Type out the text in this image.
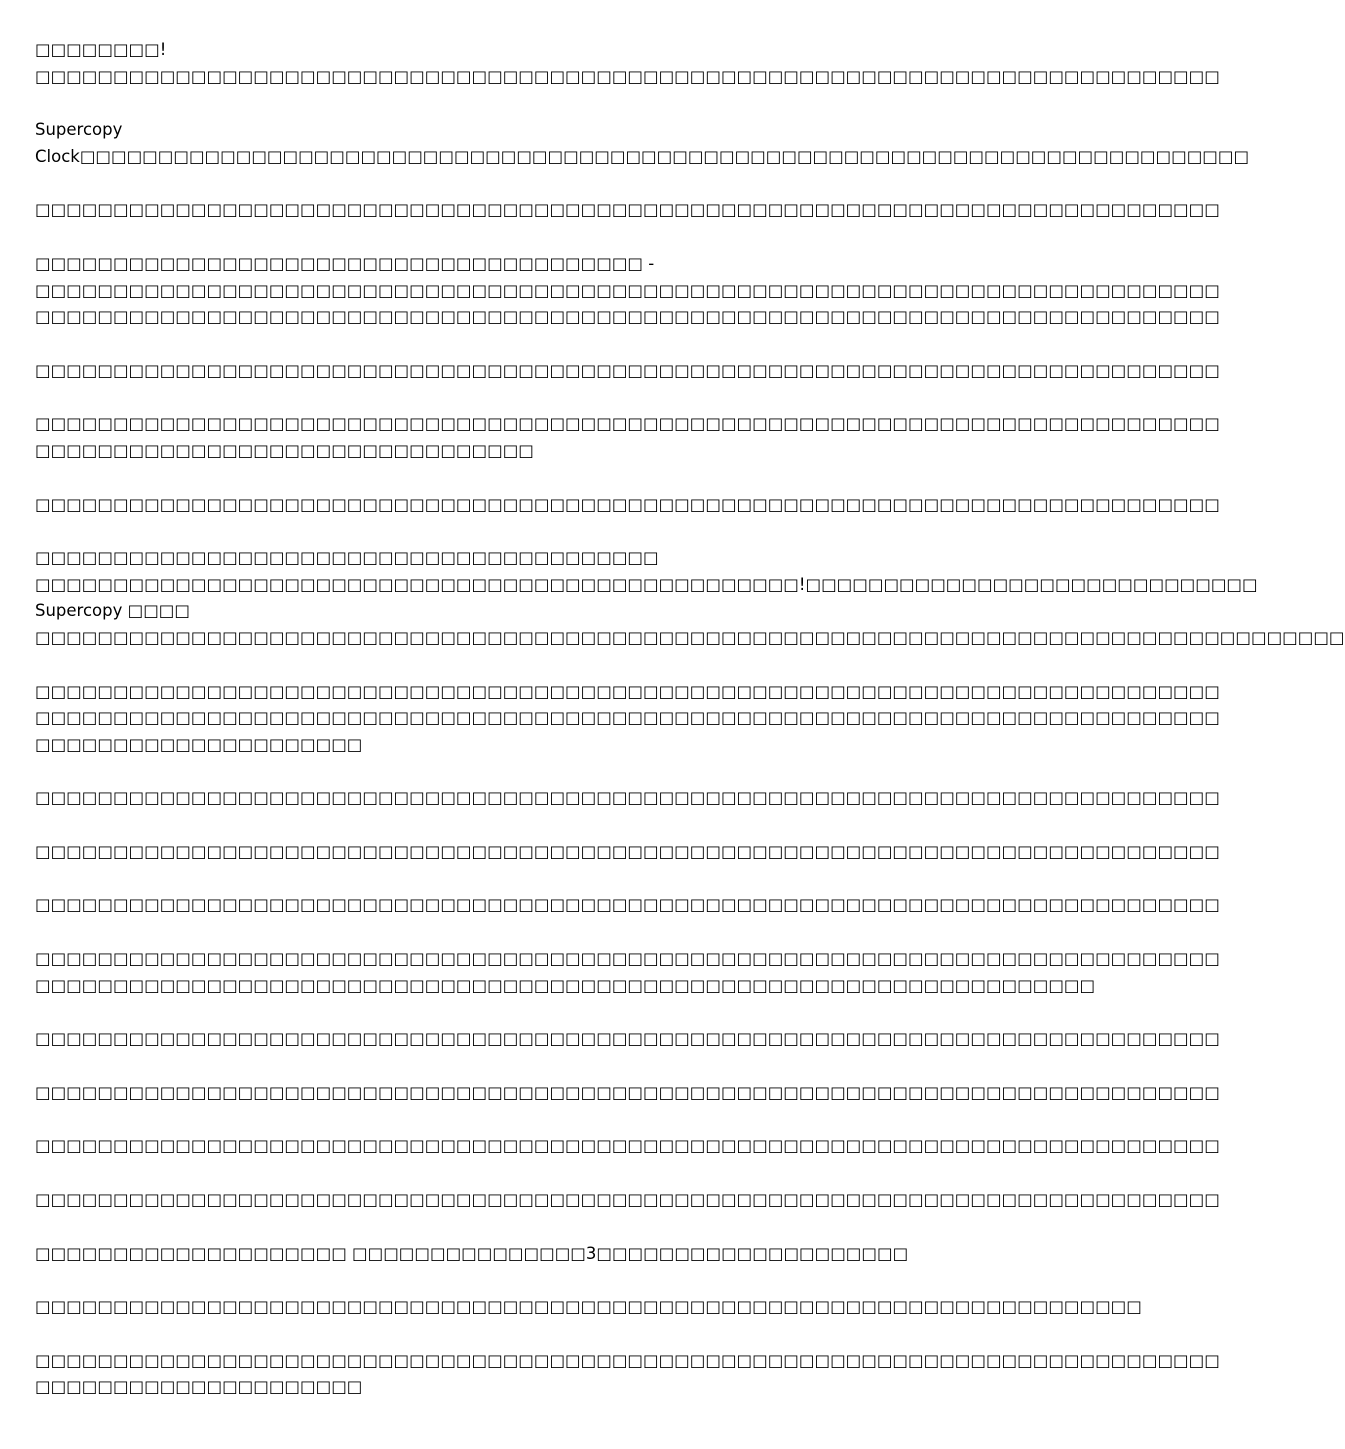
□□□□□□□□!
□□□□□□□□□□□□□□□□□□□□□□□□□□□□□□□□□□□□□□□□□□□□□□□□□□□□□□□□□□□□□□□□□□□□□□□□□□□□
Supercopy
Clock□□□□□□□□□□□□□□□□□□□□□□□□□□□□□□□□□□□□□□□□□□□□□□□□□□□□□□□□□□□□□□□□□□□□□□□□□□□
□□□□□□□□□□□□□□□□□□□□□□□□□□□□□□□□□□□□□□□□□□□□□□□□□□□□□□□□□□□□□□□□□□□□□□□□□□□□
□□□□□□□□□□□□□□□□□□□□□□□□□□□□□□□□□□□□□□□ -
□□□□□□□□□□□□□□□□□□□□□□□□□□□□□□□□□□□□□□□□□□□□□□□□□□□□□□□□□□□□□□□□□□□□□□□□□□□□
□□□□□□□□□□□□□□□□□□□□□□□□□□□□□□□□□□□□□□□□□□□□□□□□□□□□□□□□□□□□□□□□□□□□□□□□□□□□
□□□□□□□□□□□□□□□□□□□□□□□□□□□□□□□□□□□□□□□□□□□□□□□□□□□□□□□□□□□□□□□□□□□□□□□□□□□□
□□□□□□□□□□□□□□□□□□□□□□□□□□□□□□□□□□□□□□□□□□□□□□□□□□□□□□□□□□□□□□□□□□□□□□□□□□□□
□□□□□□□□□□□□□□□□□□□□□□□□□□□□□□□□
□□□□□□□□□□□□□□□□□□□□□□□□□□□□□□□□□□□□□□□□□□□□□□□□□□□□□□□□□□□□□□□□□□□□□□□□□□□□
□□□□□□□□□□□□□□□□□□□□□□□□□□□□□□□□□□□□□□□□
□□□□□□□□□□□□□□□□□□□□□□□□□□□□□□□□□□□□□□□□□□□□□□□□□!□□□□□□□□□□□□□□□□□□□□□□□□□□□□□
Supercopy □□□□
□□□□□□□□□□□□□□□□□□□□□□□□□□□□□□□□□□□□□□□□□□□□□□□□□□□□□□□□□□□□□□□□□□□□□□□□□□□□□□□□□□□□
□□□□□□□□□□□□□□□□□□□□□□□□□□□□□□□□□□□□□□□□□□□□□□□□□□□□□□□□□□□□□□□□□□□□□□□□□□□□
□□□□□□□□□□□□□□□□□□□□□□□□□□□□□□□□□□□□□□□□□□□□□□□□□□□□□□□□□□□□□□□□□□□□□□□□□□□□
□□□□□□□□□□□□□□□□□□□□□
□□□□□□□□□□□□□□□□□□□□□□□□□□□□□□□□□□□□□□□□□□□□□□□□□□□□□□□□□□□□□□□□□□□□□□□□□□□□
□□□□□□□□□□□□□□□□□□□□□□□□□□□□□□□□□□□□□□□□□□□□□□□□□□□□□□□□□□□□□□□□□□□□□□□□□□□□
□□□□□□□□□□□□□□□□□□□□□□□□□□□□□□□□□□□□□□□□□□□□□□□□□□□□□□□□□□□□□□□□□□□□□□□□□□□□
□□□□□□□□□□□□□□□□□□□□□□□□□□□□□□□□□□□□□□□□□□□□□□□□□□□□□□□□□□□□□□□□□□□□□□□□□□□□
□□□□□□□□□□□□□□□□□□□□□□□□□□□□□□□□□□□□□□□□□□□□□□□□□□□□□□□□□□□□□□□□□□□□
□□□□□□□□□□□□□□□□□□□□□□□□□□□□□□□□□□□□□□□□□□□□□□□□□□□□□□□□□□□□□□□□□□□□□□□□□□□□
□□□□□□□□□□□□□□□□□□□□□□□□□□□□□□□□□□□□□□□□□□□□□□□□□□□□□□□□□□□□□□□□□□□□□□□□□□□□
□□□□□□□□□□□□□□□□□□□□□□□□□□□□□□□□□□□□□□□□□□□□□□□□□□□□□□□□□□□□□□□□□□□□□□□□□□□□
□□□□□□□□□□□□□□□□□□□□□□□□□□□□□□□□□□□□□□□□□□□□□□□□□□□□□□□□□□□□□□□□□□□□□□□□□□□□
□□□□□□□□□□□□□□□□□□□□ □□□□□□□□□□□□□□□3□□□□□□□□□□□□□□□□□□□□
□□□□□□□□□□□□□□□□□□□□□□□□□□□□□□□□□□□□□□□□□□□□□□□□□□□□□□□□□□□□□□□□□□□□□□□
□□□□□□□□□□□□□□□□□□□□□□□□□□□□□□□□□□□□□□□□□□□□□□□□□□□□□□□□□□□□□□□□□□□□□□□□□□□□
□□□□□□□□□□□□□□□□□□□□□
